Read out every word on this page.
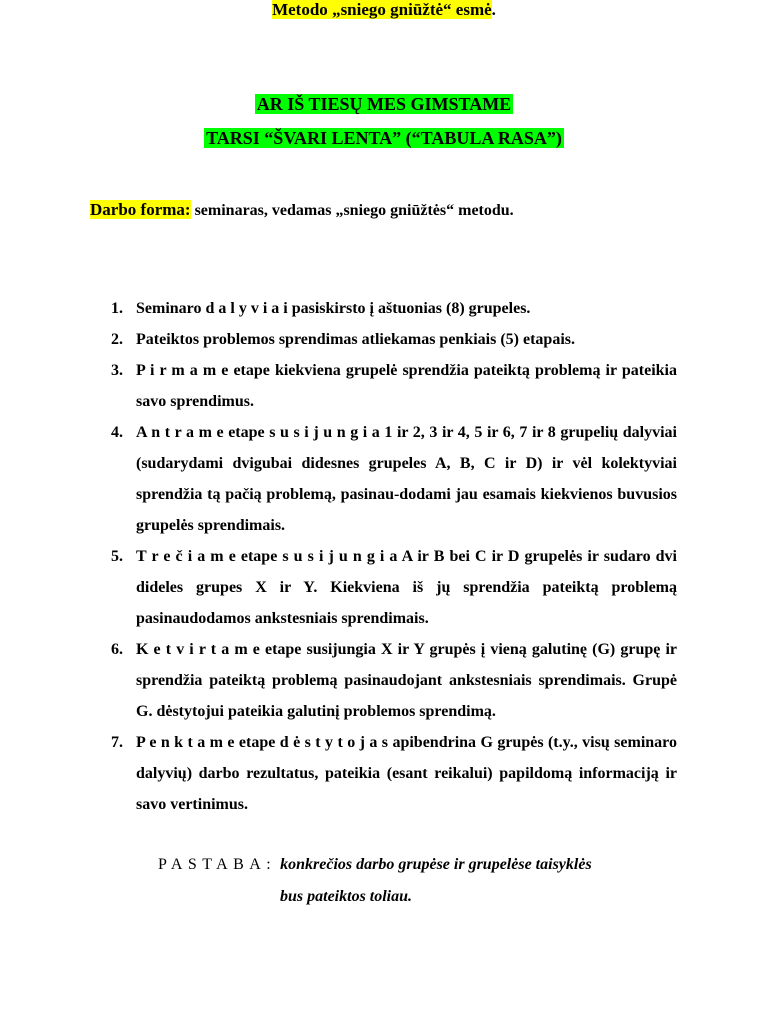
AR IŠ TIESŲ MES GIMSTAME
TARSI “ŠVARI LENTA” (“TABULA RASA”)
Darbo forma: seminaras, vedamas „sniego gniūžtės“ metodu.
Metodo „sniego gniūžtė“ esmė.
1. Seminaro d a l y v i a i pasiskirsto į aštuonias (8) grupeles.
2. Pateiktos problemos sprendimas atliekamas penkiais (5) etapais.
3. P i r m a m e etape kiekviena grupelė sprendžia pateiktą problemą ir pateikia savo sprendimus.
4. A n t r a m e etape s u s i j u n g i a 1 ir 2, 3 ir 4, 5 ir 6, 7 ir 8 grupelių dalyviai (sudarydami dvigubai didesnes grupeles A, B, C ir D) ir vėl kolektyviai sprendžia tą pačią problemą, pasinau-dodami jau esamais kiekvienos buvusios grupelės sprendimais.
5. T r e č i a m e etape s u s i j u n g i a A ir B bei C ir D grupelės ir sudaro dvi dideles grupes X ir Y. Kiekviena iš jų sprendžia pateiktą problemą pasinaudodamos ankstesniais sprendimais.
6. K e t v i r t a m e etape susijungia X ir Y grupės į vieną galutinę (G) grupę ir sprendžia pateiktą problemą pasinaudojant ankstesniais sprendimais. Grupė G. dėstytojui pateikia galutinį problemos sprendimą.
7. P e n k t a m e etape d ė s t y t o j a s apibendrina G grupės (t.y., visų seminaro dalyvių) darbo rezultatus, pateikia (esant reikalui) papildomą informaciją ir savo vertinimus.
PASTABA: konkrečios darbo grupėse ir grupelėse taisyklės
bus pateiktos toliau.
